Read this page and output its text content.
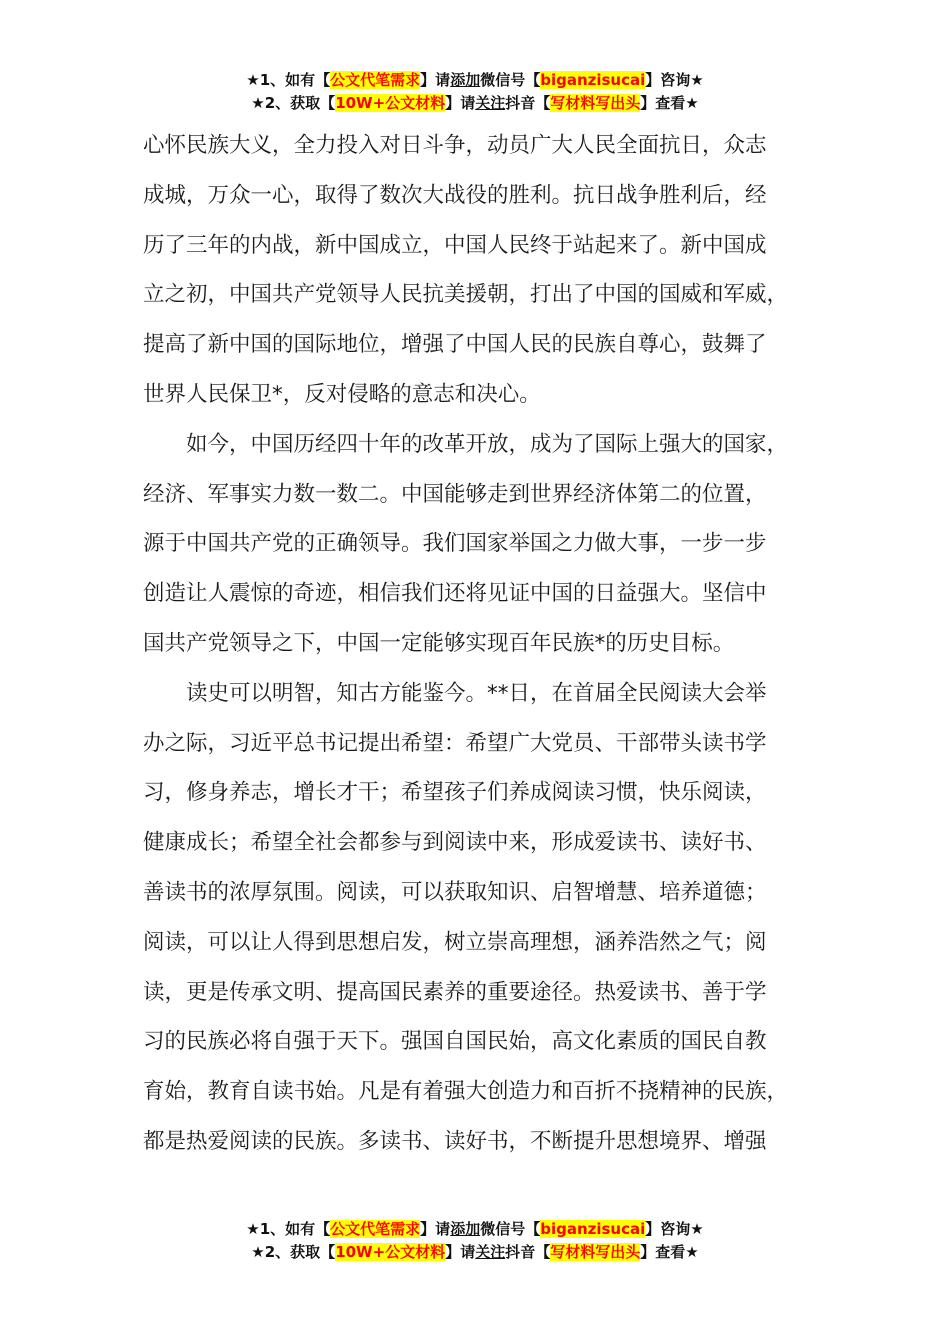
★1、如有【公文代笔需求】请添加微信号【biganzisucai】咨询★
★2、获取【10W+公文材料】请关注抖音【写材料写出头】查看★
心怀民族大义，全力投入对日斗争，动员广大人民全面抗日，众志
成城，万众一心，取得了数次大战役的胜利。抗日战争胜利后，经
历了三年的内战，新中国成立，中国人民终于站起来了。新中国成
立之初，中国共产党领导人民抗美援朝，打出了中国的国威和军威，
提高了新中国的国际地位，增强了中国人民的民族自尊心，鼓舞了
世界人民保卫*，反对侵略的意志和决心。
　　如今，中国历经四十年的改革开放，成为了国际上强大的国家，
经济、军事实力数一数二。中国能够走到世界经济体第二的位置，
源于中国共产党的正确领导。我们国家举国之力做大事，一步一步
创造让人震惊的奇迹，相信我们还将见证中国的日益强大。坚信中
国共产党领导之下，中国一定能够实现百年民族*的历史目标。
　　读史可以明智，知古方能鉴今。**日，在首届全民阅读大会举
办之际，习近平总书记提出希望：希望广大党员、干部带头读书学
习，修身养志，增长才干；希望孩子们养成阅读习惯，快乐阅读，
健康成长；希望全社会都参与到阅读中来，形成爱读书、读好书、
善读书的浓厚氛围。阅读，可以获取知识、启智增慧、培养道德；
阅读，可以让人得到思想启发，树立崇高理想，涵养浩然之气；阅
读，更是传承文明、提高国民素养的重要途径。热爱读书、善于学
习的民族必将自强于天下。强国自国民始，高文化素质的国民自教
育始，教育自读书始。凡是有着强大创造力和百折不挠精神的民族，
都是热爱阅读的民族。多读书、读好书，不断提升思想境界、增强
★1、如有【公文代笔需求】请添加微信号【biganzisucai】咨询★
★2、获取【10W+公文材料】请关注抖音【写材料写出头】查看★
